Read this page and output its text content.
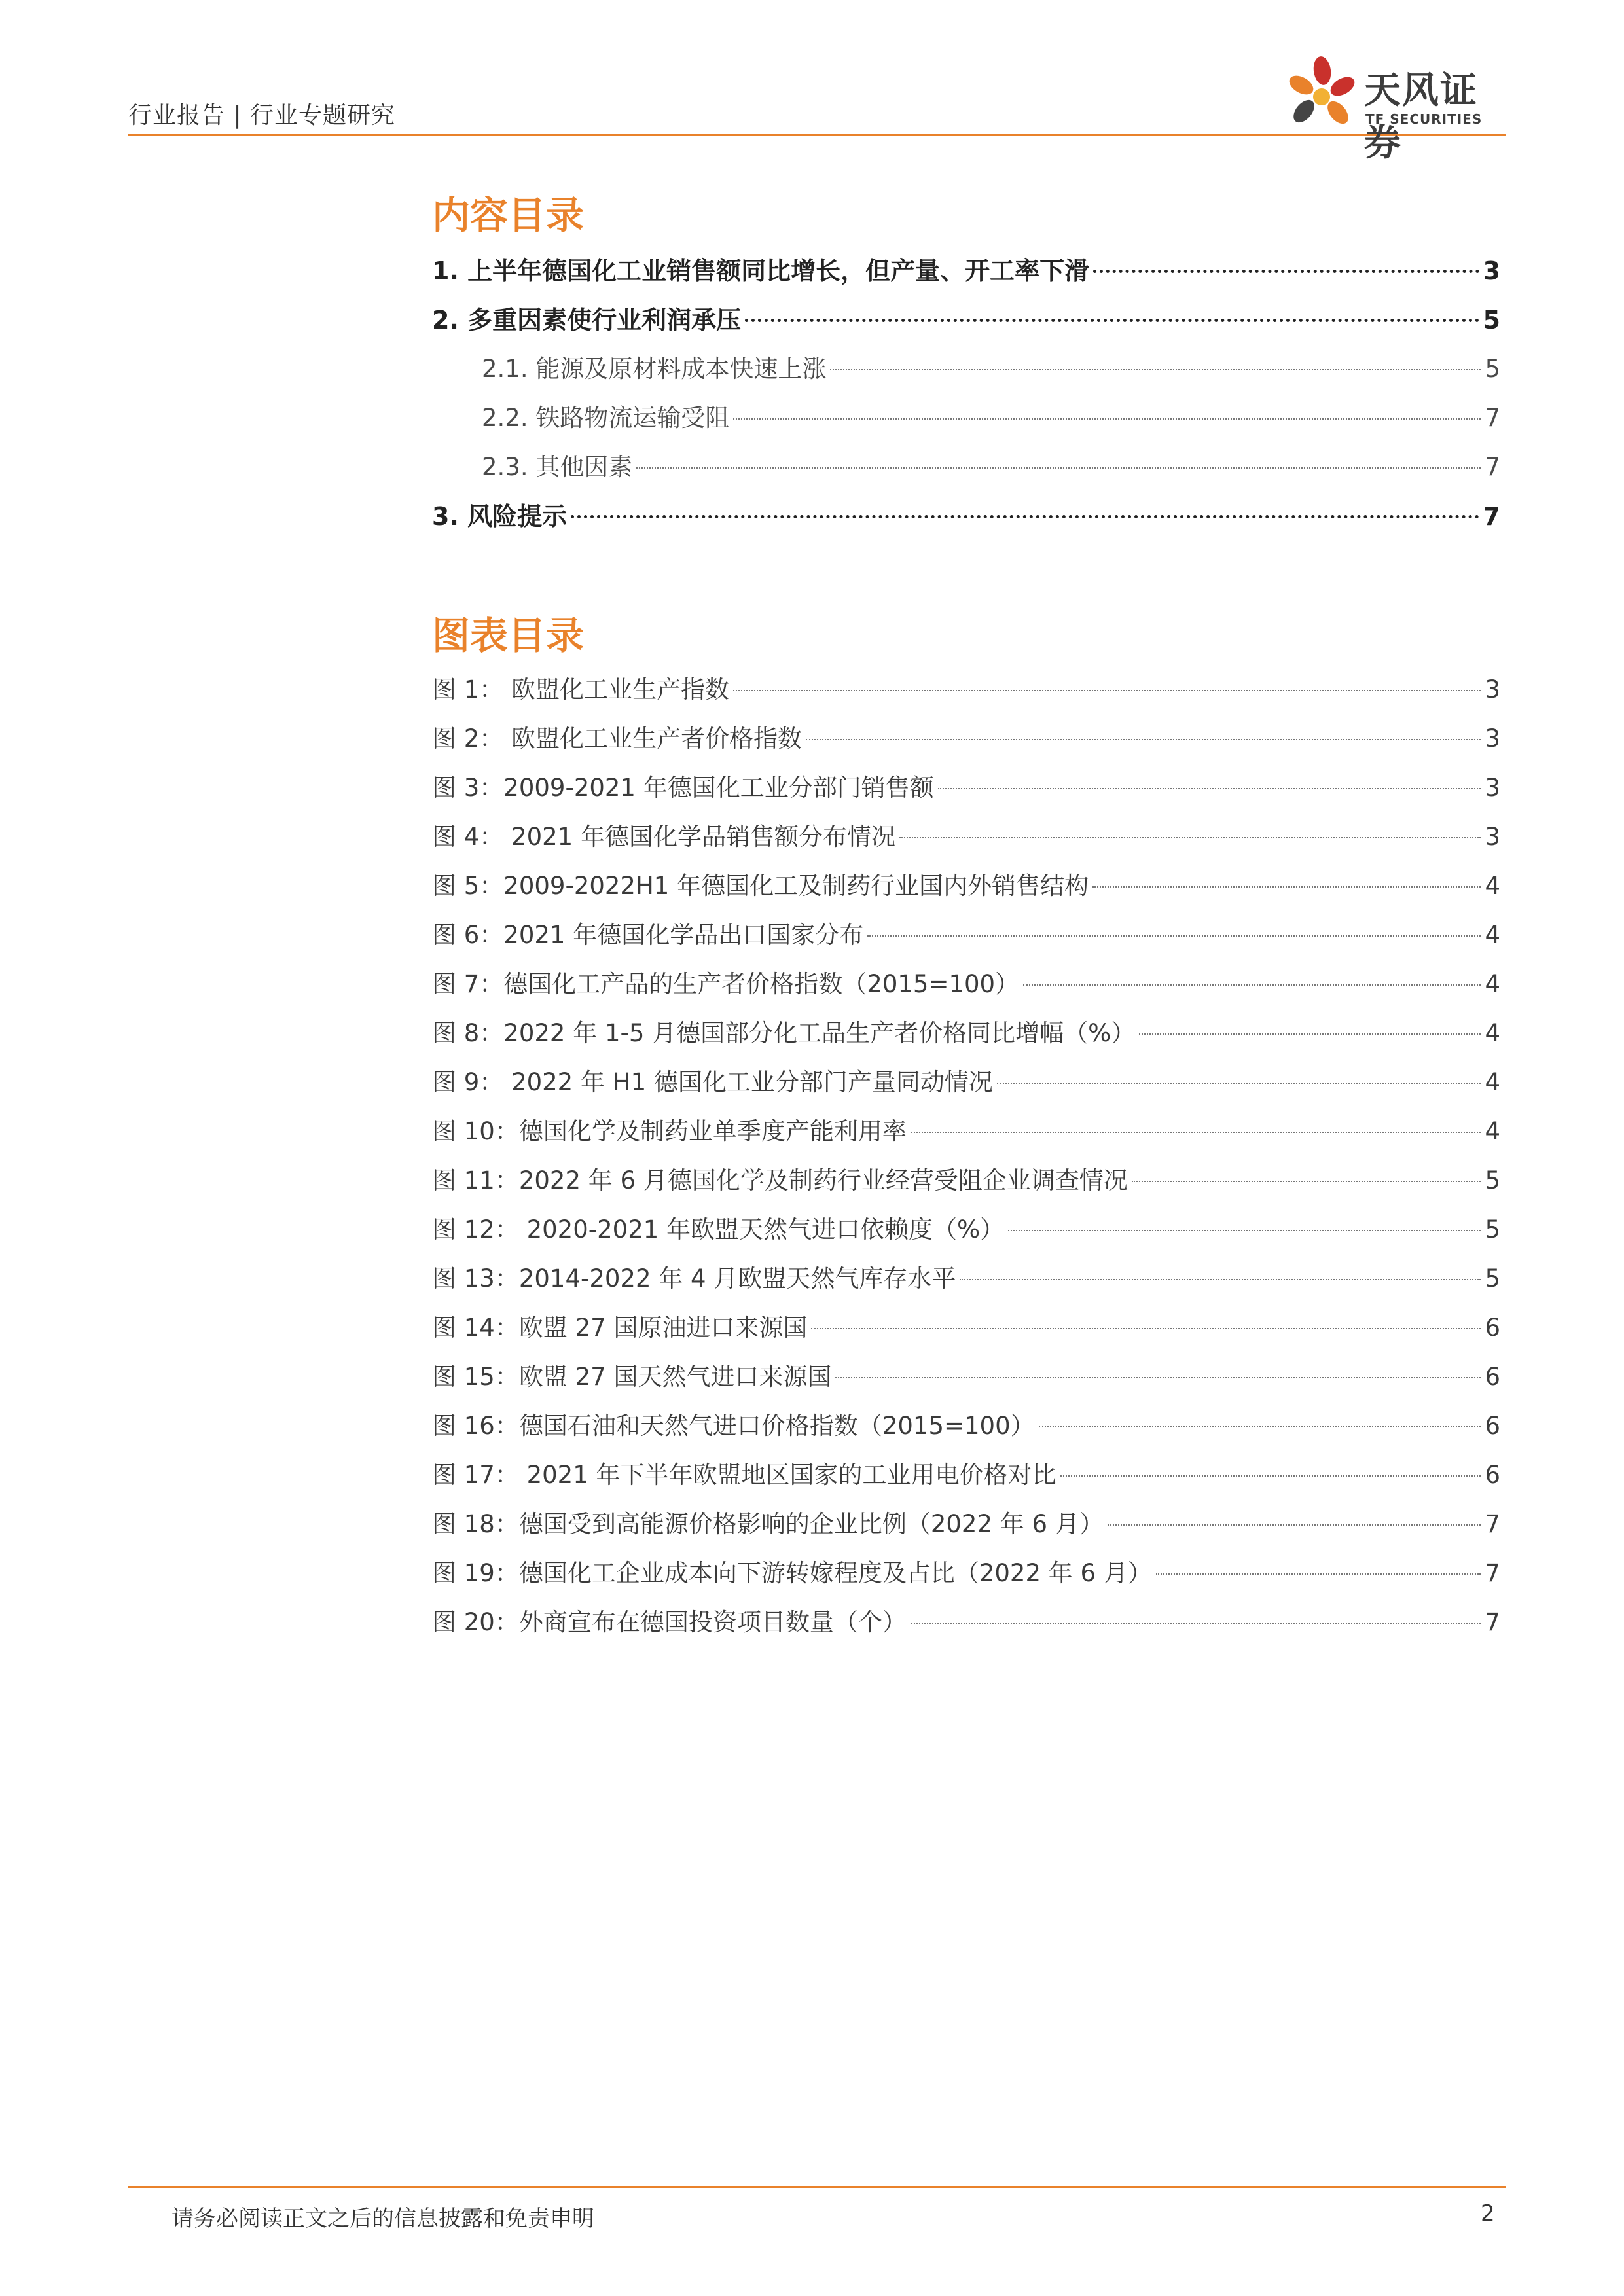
行业报告 | 行业专题研究
天风证券
TF SECURITIES
内容目录
1. 上半年德国化工业销售额同比增长，但产量、开工率下滑	3
2. 多重因素使行业利润承压	5
2.1. 能源及原材料成本快速上涨	5
2.2. 铁路物流运输受阻	7
2.3. 其他因素	7
3. 风险提示	7
图表目录
图 1： 欧盟化工业生产指数	3
图 2： 欧盟化工业生产者价格指数	3
图 3：2009-2021 年德国化工业分部门销售额	3
图 4： 2021 年德国化学品销售额分布情况	3
图 5：2009-2022H1 年德国化工及制药行业国内外销售结构	4
图 6：2021 年德国化学品出口国家分布	4
图 7：德国化工产品的生产者价格指数（2015=100）	4
图 8：2022 年 1-5 月德国部分化工品生产者价格同比增幅（%）	4
图 9： 2022 年 H1 德国化工业分部门产量同动情况	4
图 10：德国化学及制药业单季度产能利用率	4
图 11：2022 年 6 月德国化学及制药行业经营受阻企业调查情况	5
图 12： 2020-2021 年欧盟天然气进口依赖度（%）	5
图 13：2014-2022 年 4 月欧盟天然气库存水平	5
图 14：欧盟 27 国原油进口来源国	6
图 15：欧盟 27 国天然气进口来源国	6
图 16：德国石油和天然气进口价格指数（2015=100）	6
图 17： 2021 年下半年欧盟地区国家的工业用电价格对比	6
图 18：德国受到高能源价格影响的企业比例（2022 年 6 月）	7
图 19：德国化工企业成本向下游转嫁程度及占比（2022 年 6 月）	7
图 20：外商宣布在德国投资项目数量（个）	7
请务必阅读正文之后的信息披露和免责申明	2
